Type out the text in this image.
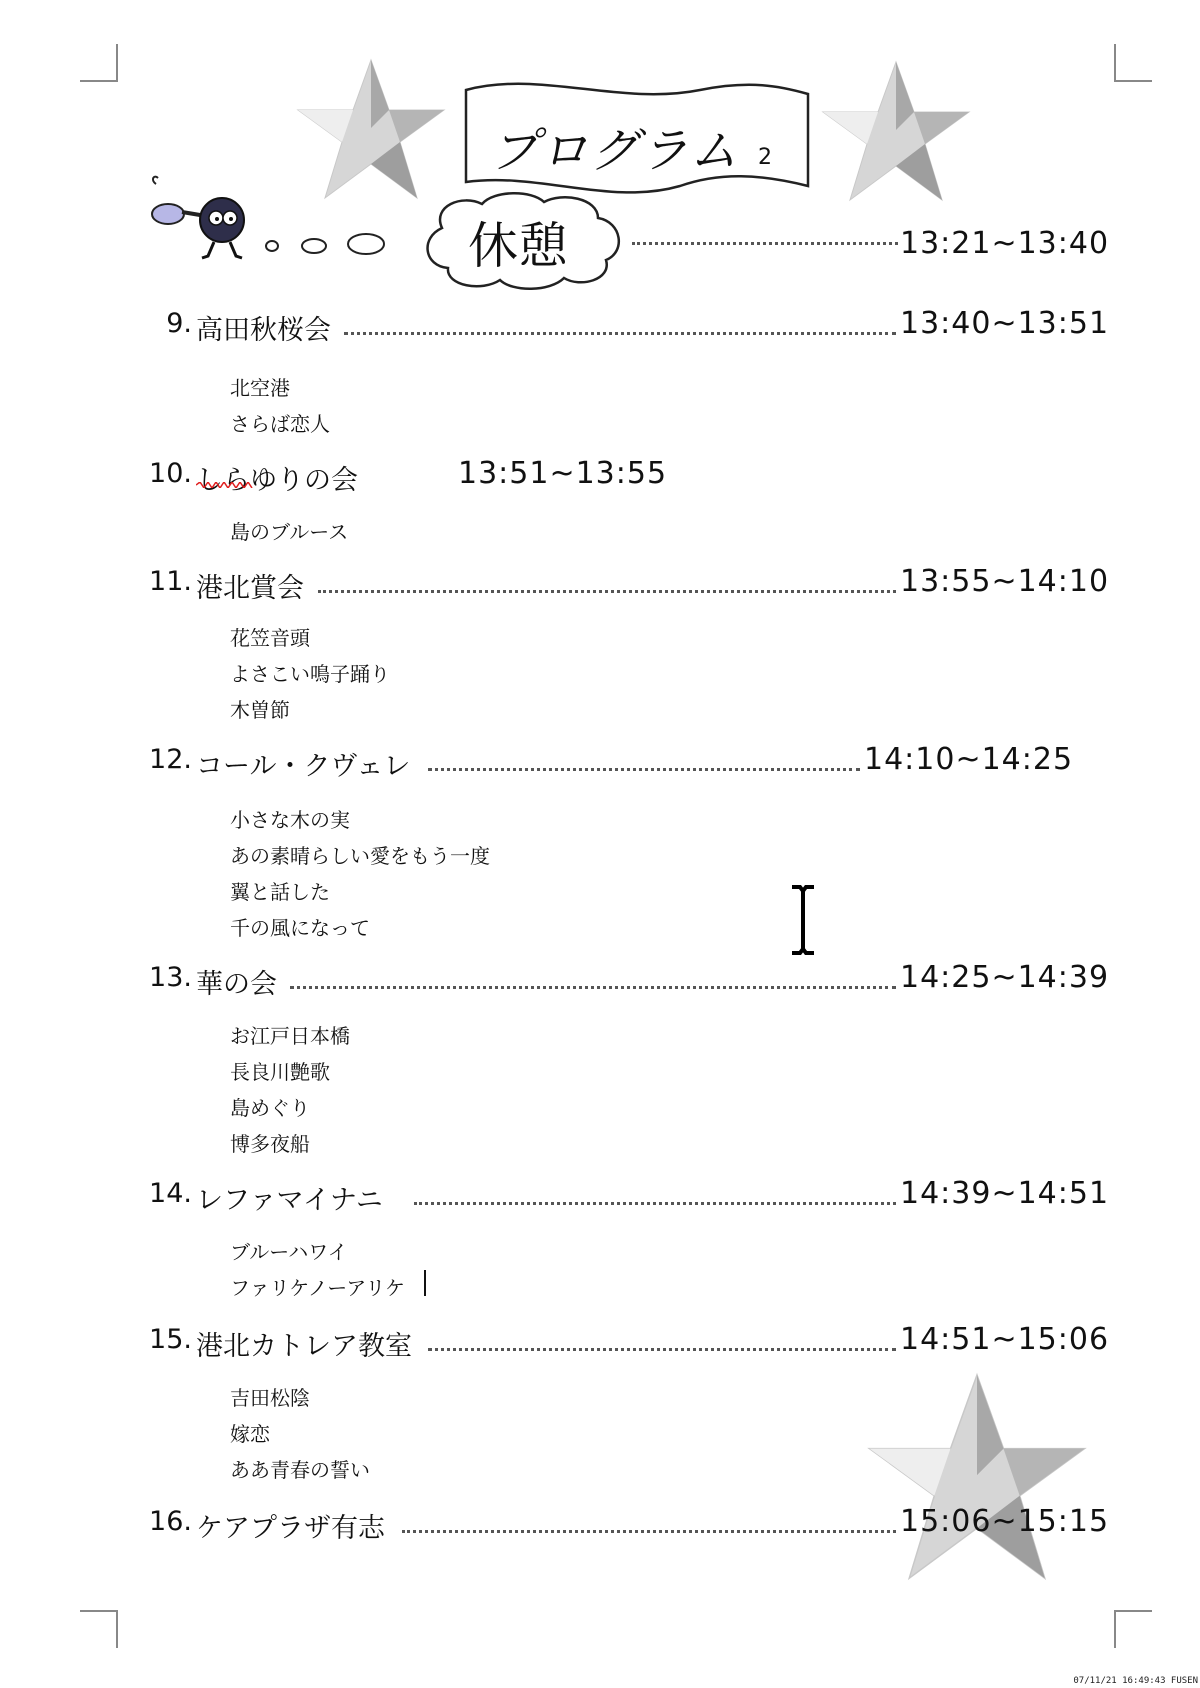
プログラム 2
休憩	13:21~13:40
9. 高田秋桜会	13:40~13:51
北空港
さらば恋人
10. しらゆりの会	13:51~13:55
島のブルース
11. 港北賞会	13:55~14:10
花笠音頭
よさこい鳴子踊り
木曽節
12. コール・クヴェレ	14:10~14:25
小さな木の実
あの素晴らしい愛をもう一度
翼と話した
千の風になって
13. 華の会	14:25~14:39
お江戸日本橋
長良川艶歌
島めぐり
博多夜船
14. レファマイナニ	14:39~14:51
ブルーハワイ
ファリケノーアリケ
15. 港北カトレア教室	14:51~15:06
吉田松陰
嫁恋
ああ青春の誓い
16. ケアプラザ有志	15:06~15:15
07/11/21 16:49:43 FUSEN
